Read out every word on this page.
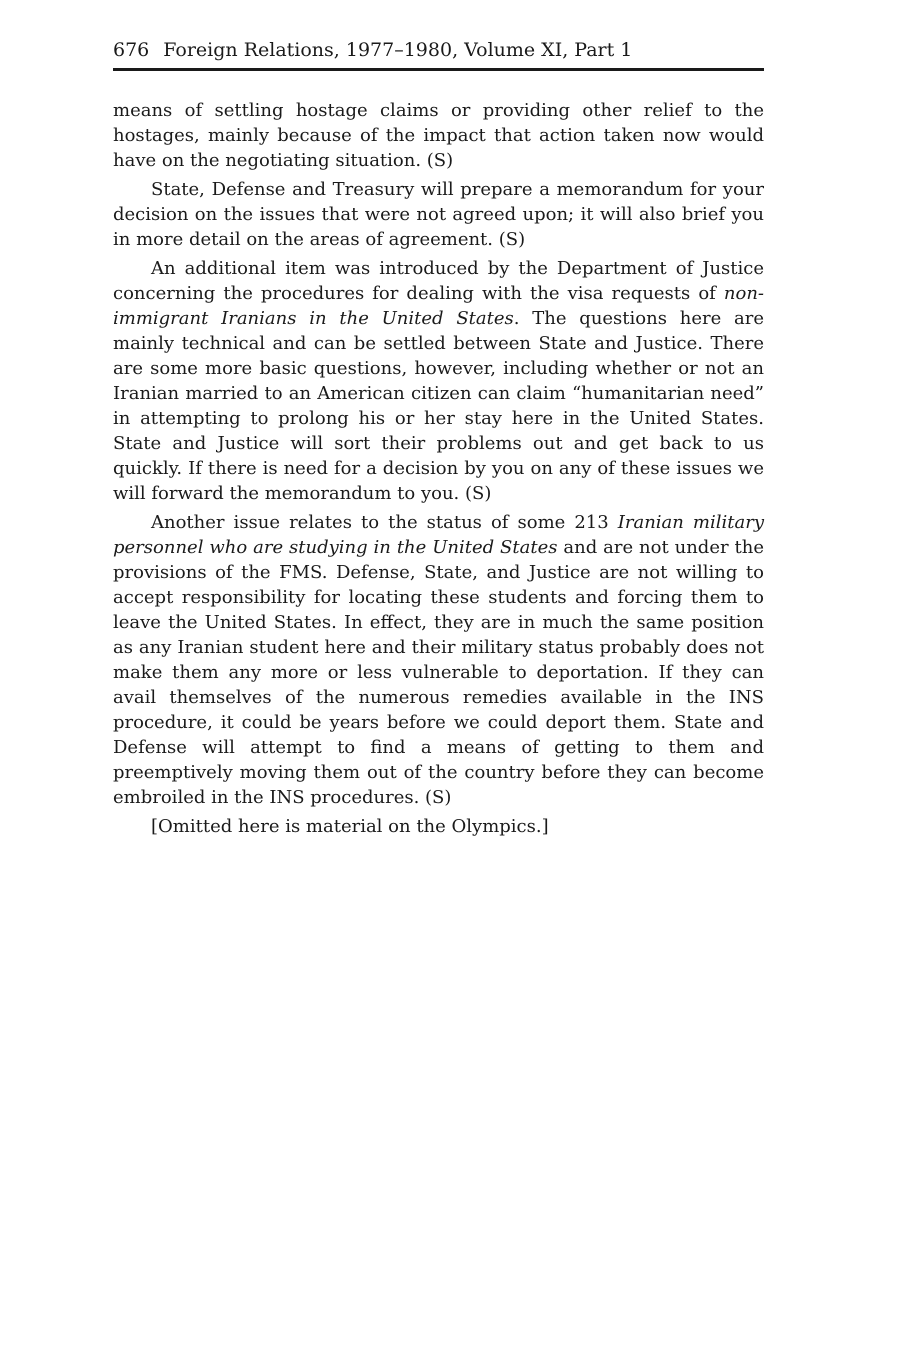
676 Foreign Relations, 1977–1980, Volume XI, Part 1

means of settling hostage claims or providing other relief to the hostages, mainly because of the impact that action taken now would have on the negotiating situation. (S)

State, Defense and Treasury will prepare a memorandum for your decision on the issues that were not agreed upon; it will also brief you in more detail on the areas of agreement. (S)

An additional item was introduced by the Department of Justice concerning the procedures for dealing with the visa requests of non-immigrant Iranians in the United States. The questions here are mainly technical and can be settled between State and Justice. There are some more basic questions, however, including whether or not an Iranian married to an American citizen can claim “humanitarian need” in attempting to prolong his or her stay here in the United States. State and Justice will sort their problems out and get back to us quickly. If there is need for a decision by you on any of these issues we will forward the memorandum to you. (S)

Another issue relates to the status of some 213 Iranian military personnel who are studying in the United States and are not under the provisions of the FMS. Defense, State, and Justice are not willing to accept responsibility for locating these students and forcing them to leave the United States. In effect, they are in much the same position as any Iranian student here and their military status probably does not make them any more or less vulnerable to deportation. If they can avail themselves of the numerous remedies available in the INS procedure, it could be years before we could deport them. State and Defense will attempt to find a means of getting to them and preemptively moving them out of the country before they can become embroiled in the INS procedures. (S)

[Omitted here is material on the Olympics.]
